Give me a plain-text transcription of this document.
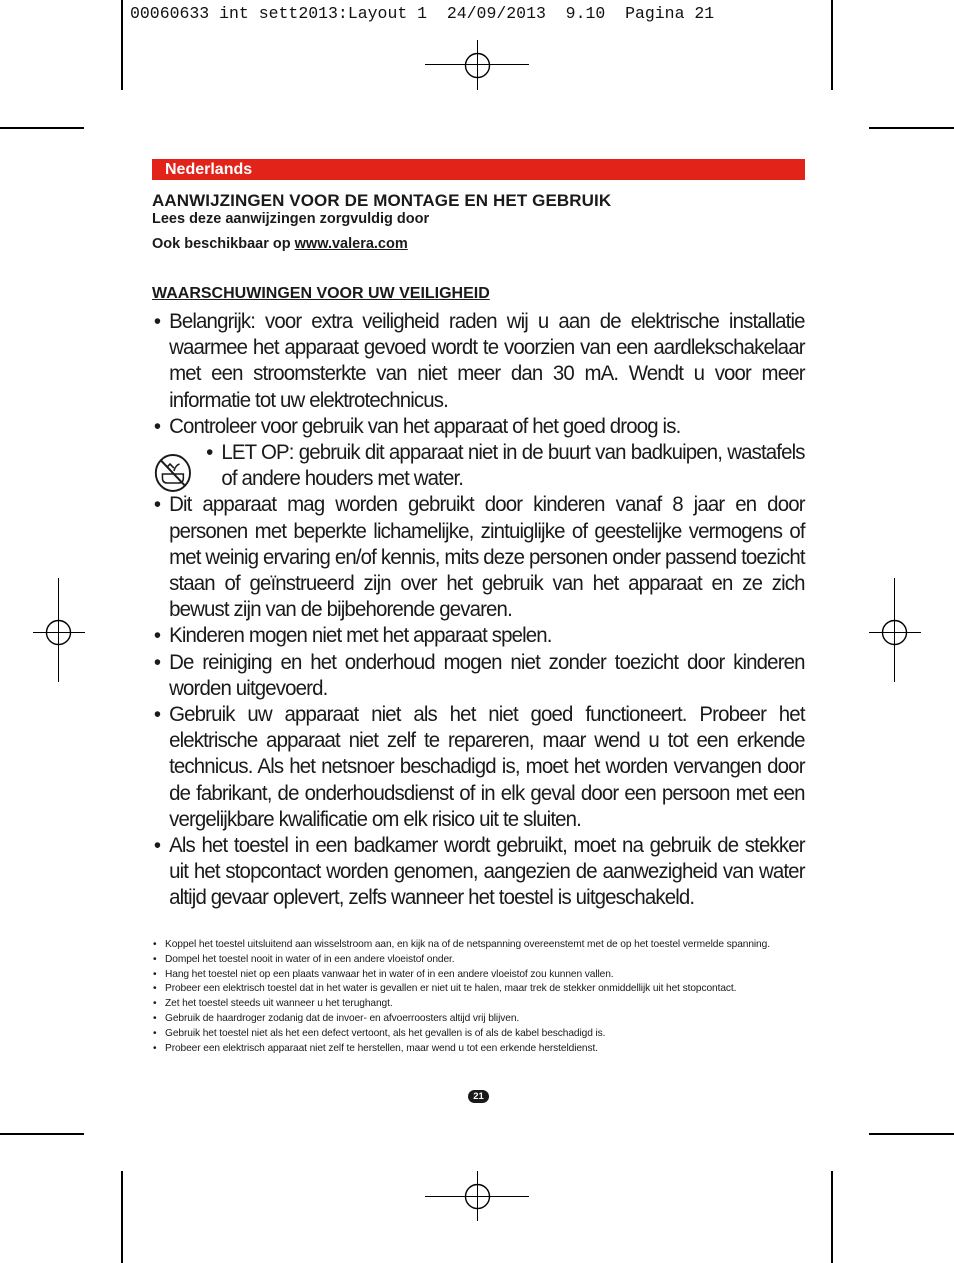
00060633 int sett2013:Layout 1  24/09/2013  9.10  Pagina 21
Nederlands
AANWIJZINGEN VOOR DE MONTAGE EN HET GEBRUIK

Lees deze aanwijzingen zorgvuldig door

Ook beschikbaar op www.valera.com

WAARSCHUWINGEN VOOR UW VEILIGHEID
• Belangrijk: voor extra veiligheid raden wij u aan de elektrische installatie waarmee het apparaat gevoed wordt te voorzien van een aardlekschakelaar met een stroomsterkte van niet meer dan 30 mA. Wendt u voor meer informatie tot uw elektrotechnicus.
• Controleer voor gebruik van het apparaat of het goed droog is.
• LET OP: gebruik dit apparaat niet in de buurt van badkuipen, wastafels of andere houders met water.
• Dit apparaat mag worden gebruikt door kinderen vanaf 8 jaar en door personen met beperkte lichamelijke, zintuiglijke of geestelijke vermogens of met weinig ervaring en/of kennis, mits deze personen onder passend toezicht staan of geïnstrueerd zijn over het gebruik van het apparaat en ze zich bewust zijn van de bijbehorende gevaren.
• Kinderen mogen niet met het apparaat spelen.
• De reiniging en het onderhoud mogen niet zonder toezicht door kinderen worden uitgevoerd.
• Gebruik uw apparaat niet als het niet goed functioneert. Probeer het elektrische apparaat niet zelf te repareren, maar wend u tot een erkende technicus. Als het netsnoer beschadigd is, moet het worden vervangen door de fabrikant, de onderhoudsdienst of in elk geval door een persoon met een vergelijkbare kwalificatie om elk risico uit te sluiten.
• Als het toestel in een badkamer wordt gebruikt, moet na gebruik de stekker uit het stopcontact worden genomen, aangezien de aanwezigheid van water altijd gevaar oplevert, zelfs wanneer het toestel is uitgeschakeld.
• Koppel het toestel uitsluitend aan wisselstroom aan, en kijk na of de netspanning overeenstemt met de op het toestel vermelde spanning.
• Dompel het toestel nooit in water of in een andere vloeistof onder.
• Hang het toestel niet op een plaats vanwaar het in water of in een andere vloeistof zou kunnen vallen.
• Probeer een elektrisch toestel dat in het water is gevallen er niet uit te halen, maar trek de stekker onmiddellijk uit het stopcontact.
• Zet het toestel steeds uit wanneer u het terughangt.
• Gebruik de haardroger zodanig dat de invoer- en afvoerroosters altijd vrij blijven.
• Gebruik het toestel niet als het een defect vertoont, als het gevallen is of als de kabel beschadigd is.
• Probeer een elektrisch apparaat niet zelf te herstellen, maar wend u tot een erkende hersteldienst.
21
